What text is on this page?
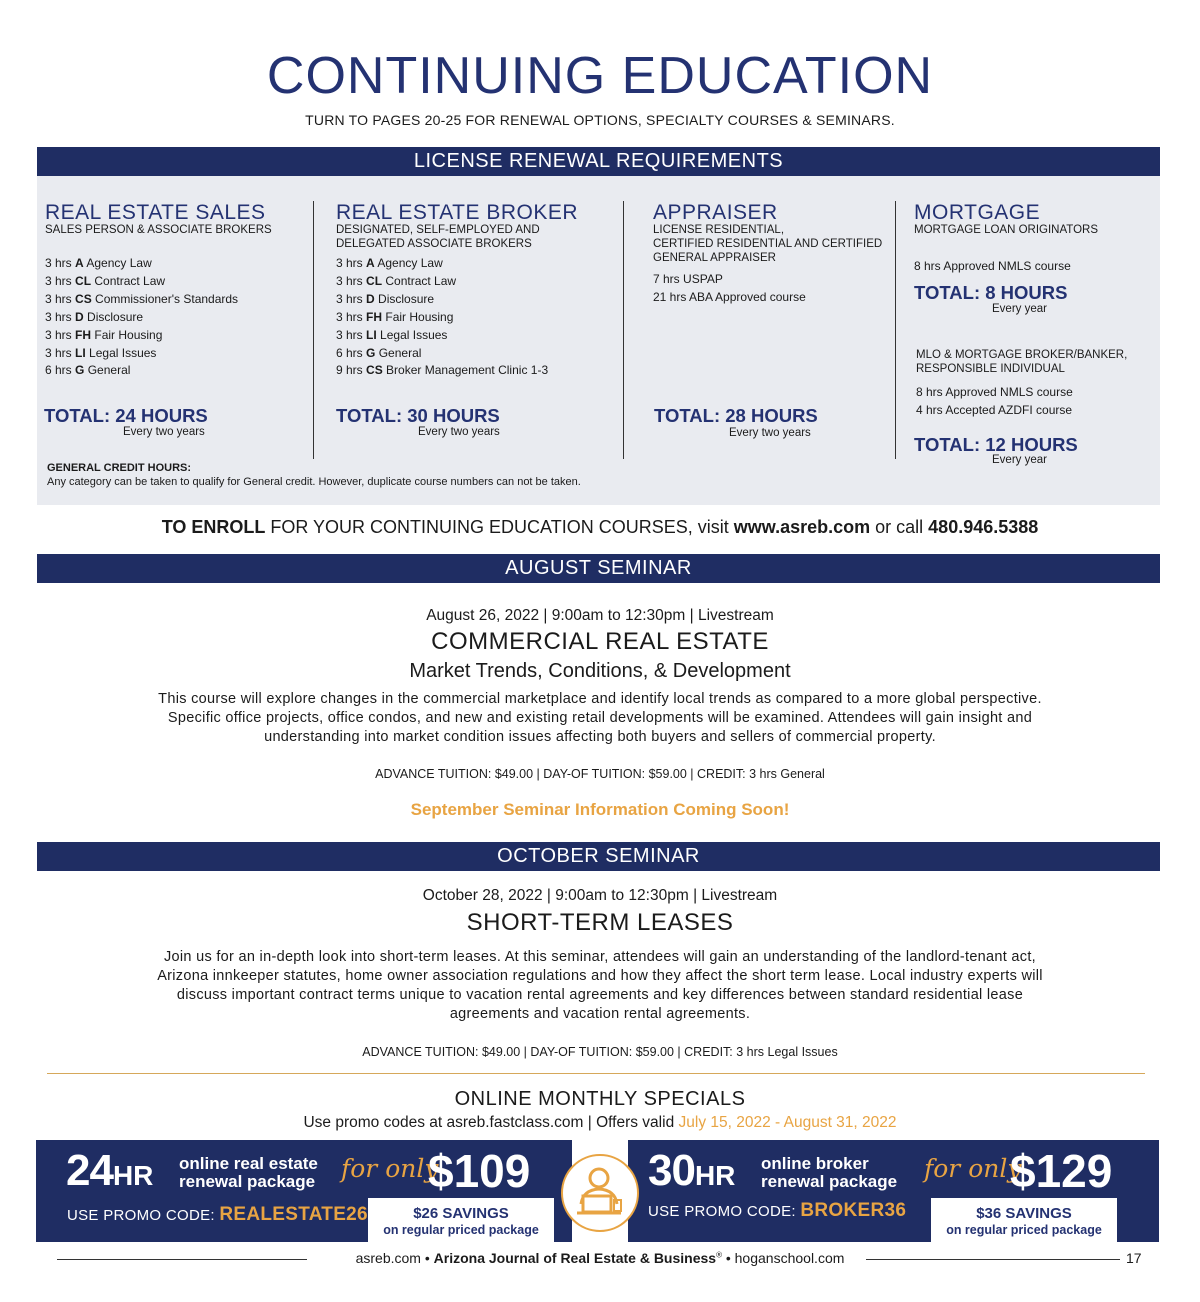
CONTINUING EDUCATION
TURN TO PAGES 20-25 FOR RENEWAL OPTIONS, SPECIALTY COURSES & SEMINARS.
LICENSE RENEWAL REQUIREMENTS
REAL ESTATE SALES
SALES PERSON & ASSOCIATE BROKERS
3 hrs A Agency Law
3 hrs CL Contract Law
3 hrs CS Commissioner's Standards
3 hrs D Disclosure
3 hrs FH Fair Housing
3 hrs LI Legal Issues
6 hrs G General
TOTAL: 24 HOURS
Every two years
REAL ESTATE BROKER
DESIGNATED, SELF-EMPLOYED AND
DELEGATED ASSOCIATE BROKERS
3 hrs A Agency Law
3 hrs CL Contract Law
3 hrs D Disclosure
3 hrs FH Fair Housing
3 hrs LI Legal Issues
6 hrs G General
9 hrs CS Broker Management Clinic 1-3
TOTAL: 30 HOURS
Every two years
APPRAISER
LICENSE RESIDENTIAL,
CERTIFIED RESIDENTIAL AND CERTIFIED
GENERAL APPRAISER
7 hrs USPAP
21 hrs ABA Approved course
TOTAL: 28 HOURS
Every two years
MORTGAGE
MORTGAGE LOAN ORIGINATORS
8 hrs Approved NMLS course
TOTAL: 8 HOURS
Every year
MLO & MORTGAGE BROKER/BANKER,
RESPONSIBLE INDIVIDUAL
8 hrs Approved NMLS course
4 hrs Accepted AZDFI course
TOTAL: 12 HOURS
Every year
GENERAL CREDIT HOURS:
Any category can be taken to qualify for General credit. However, duplicate course numbers can not be taken.
TO ENROLL FOR YOUR CONTINUING EDUCATION COURSES, visit www.asreb.com or call 480.946.5388
AUGUST SEMINAR
August 26, 2022 | 9:00am to 12:30pm | Livestream
COMMERCIAL REAL ESTATE
Market Trends, Conditions, & Development
This course will explore changes in the commercial marketplace and identify local trends as compared to a more global perspective. Specific office projects, office condos, and new and existing retail developments will be examined. Attendees will gain insight and understanding into market condition issues affecting both buyers and sellers of commercial property.
ADVANCE TUITION: $49.00 | DAY-OF TUITION: $59.00 | CREDIT: 3 hrs General
September Seminar Information Coming Soon!
OCTOBER SEMINAR
October 28, 2022 | 9:00am to 12:30pm | Livestream
SHORT-TERM LEASES
Join us for an in-depth look into short-term leases. At this seminar, attendees will gain an understanding of the landlord-tenant act, Arizona innkeeper statutes, home owner association regulations and how they affect the short term lease. Local industry experts will discuss important contract terms unique to vacation rental agreements and key differences between standard residential lease agreements and vacation rental agreements.
ADVANCE TUITION: $49.00 | DAY-OF TUITION: $59.00 | CREDIT: 3 hrs Legal Issues
ONLINE MONTHLY SPECIALS
Use promo codes at asreb.fastclass.com | Offers valid July 15, 2022 - August 31, 2022
24HR online real estate
renewal package for only
$109
USE PROMO CODE: REALESTATE26	$26 SAVINGS
on regular priced package
30HR online broker
renewal package for only
$129
USE PROMO CODE: BROKER36	$36 SAVINGS
on regular priced package
asreb.com • Arizona Journal of Real Estate & Business® • hoganschool.com	17
